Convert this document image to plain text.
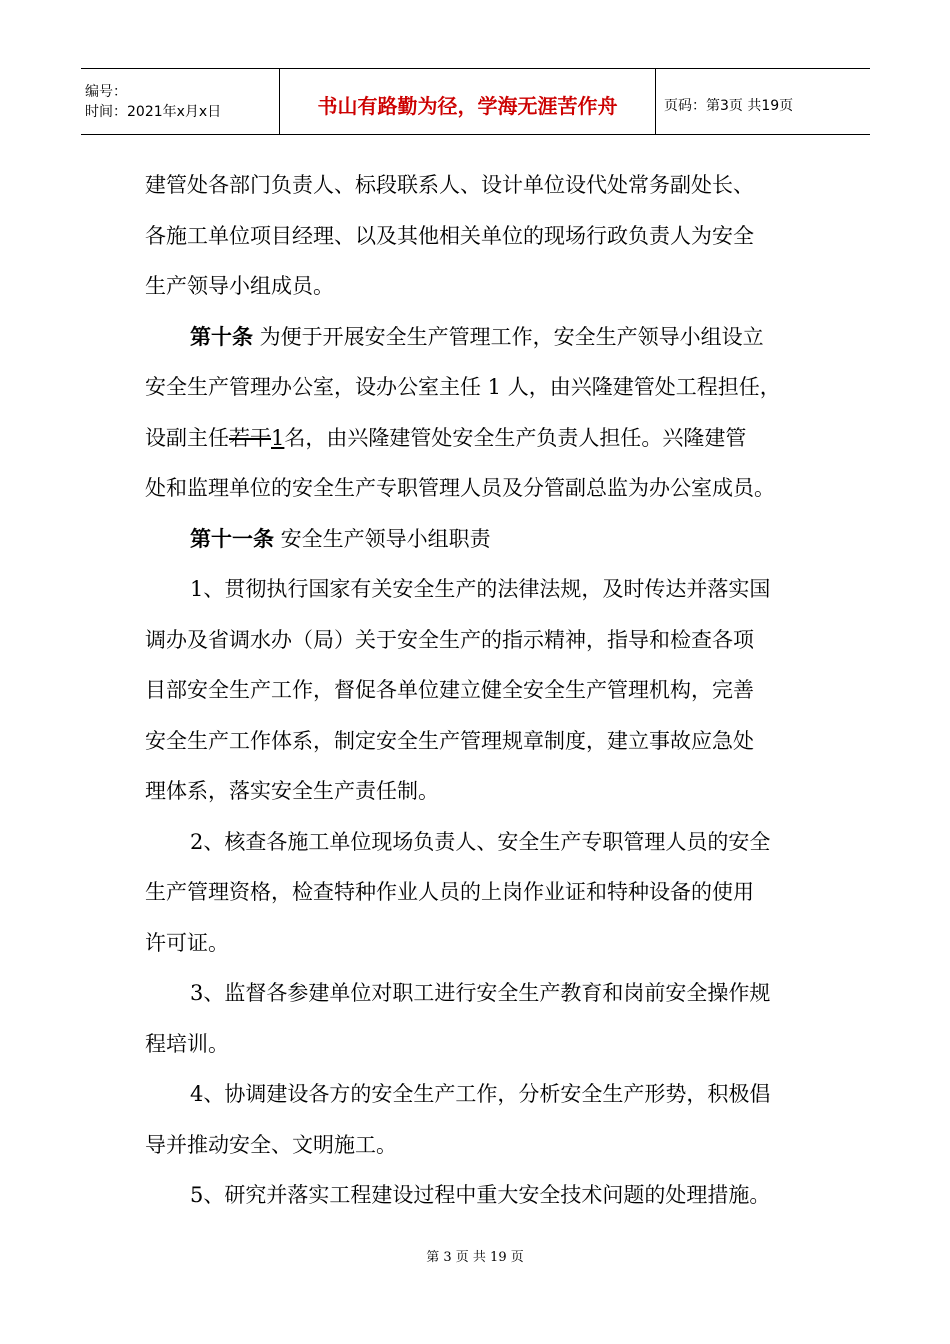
编号：
时间：2021年x月x日	书山有路勤为径，学海无涯苦作舟	页码：第3页 共19页

建管处各部门负责人、标段联系人、设计单位设代处常务副处长、

各施工单位项目经理、以及其他相关单位的现场行政负责人为安全

生产领导小组成员。

第十条 为便于开展安全生产管理工作，安全生产领导小组设立

安全生产管理办公室，设办公室主任 1 人，由兴隆建管处工程担任，

设副主任若干1名，由兴隆建管处安全生产负责人担任。兴隆建管

处和监理单位的安全生产专职管理人员及分管副总监为办公室成员。

第十一条 安全生产领导小组职责

1、贯彻执行国家有关安全生产的法律法规，及时传达并落实国

调办及省调水办（局）关于安全生产的指示精神，指导和检查各项

目部安全生产工作，督促各单位建立健全安全生产管理机构，完善

安全生产工作体系，制定安全生产管理规章制度，建立事故应急处

理体系，落实安全生产责任制。

2、核查各施工单位现场负责人、安全生产专职管理人员的安全

生产管理资格，检查特种作业人员的上岗作业证和特种设备的使用

许可证。

3、监督各参建单位对职工进行安全生产教育和岗前安全操作规

程培训。

4、协调建设各方的安全生产工作，分析安全生产形势，积极倡

导并推动安全、文明施工。

5、研究并落实工程建设过程中重大安全技术问题的处理措施。

第 3 页 共 19 页
